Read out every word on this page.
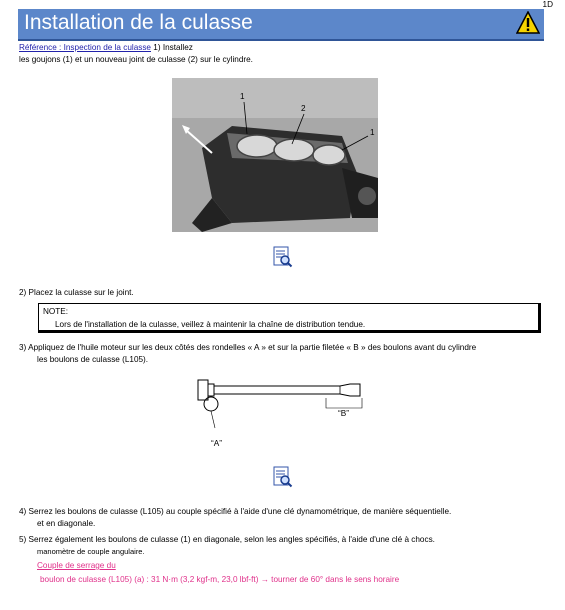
1D
Installation de la culasse
Référence : Inspection de la culasse 1) Installez
les goujons (1) et un nouveau joint de culasse (2) sur le cylindre.
1
2
1
2) Placez la culasse sur le joint.
NOTE:
Lors de l'installation de la culasse, veillez à maintenir la chaîne de distribution tendue.
3) Appliquez de l'huile moteur sur les deux côtés des rondelles « A » et sur la partie filetée « B » des boulons avant du cylindre
les boulons de culasse (L105).
“B”
“A”
4) Serrez les boulons de culasse (L105) au couple spécifié à l'aide d'une clé dynamométrique, de manière séquentielle.
et en diagonale.
5) Serrez également les boulons de culasse (1) en diagonale, selon les angles spécifiés, à l'aide d'une clé à chocs.
manomètre de couple angulaire.
Couple de serrage du
boulon de culasse (L105) (a) : 31 N·m (3,2 kgf-m, 23,0 lbf-ft) → tourner de 60° dans le sens horaire
